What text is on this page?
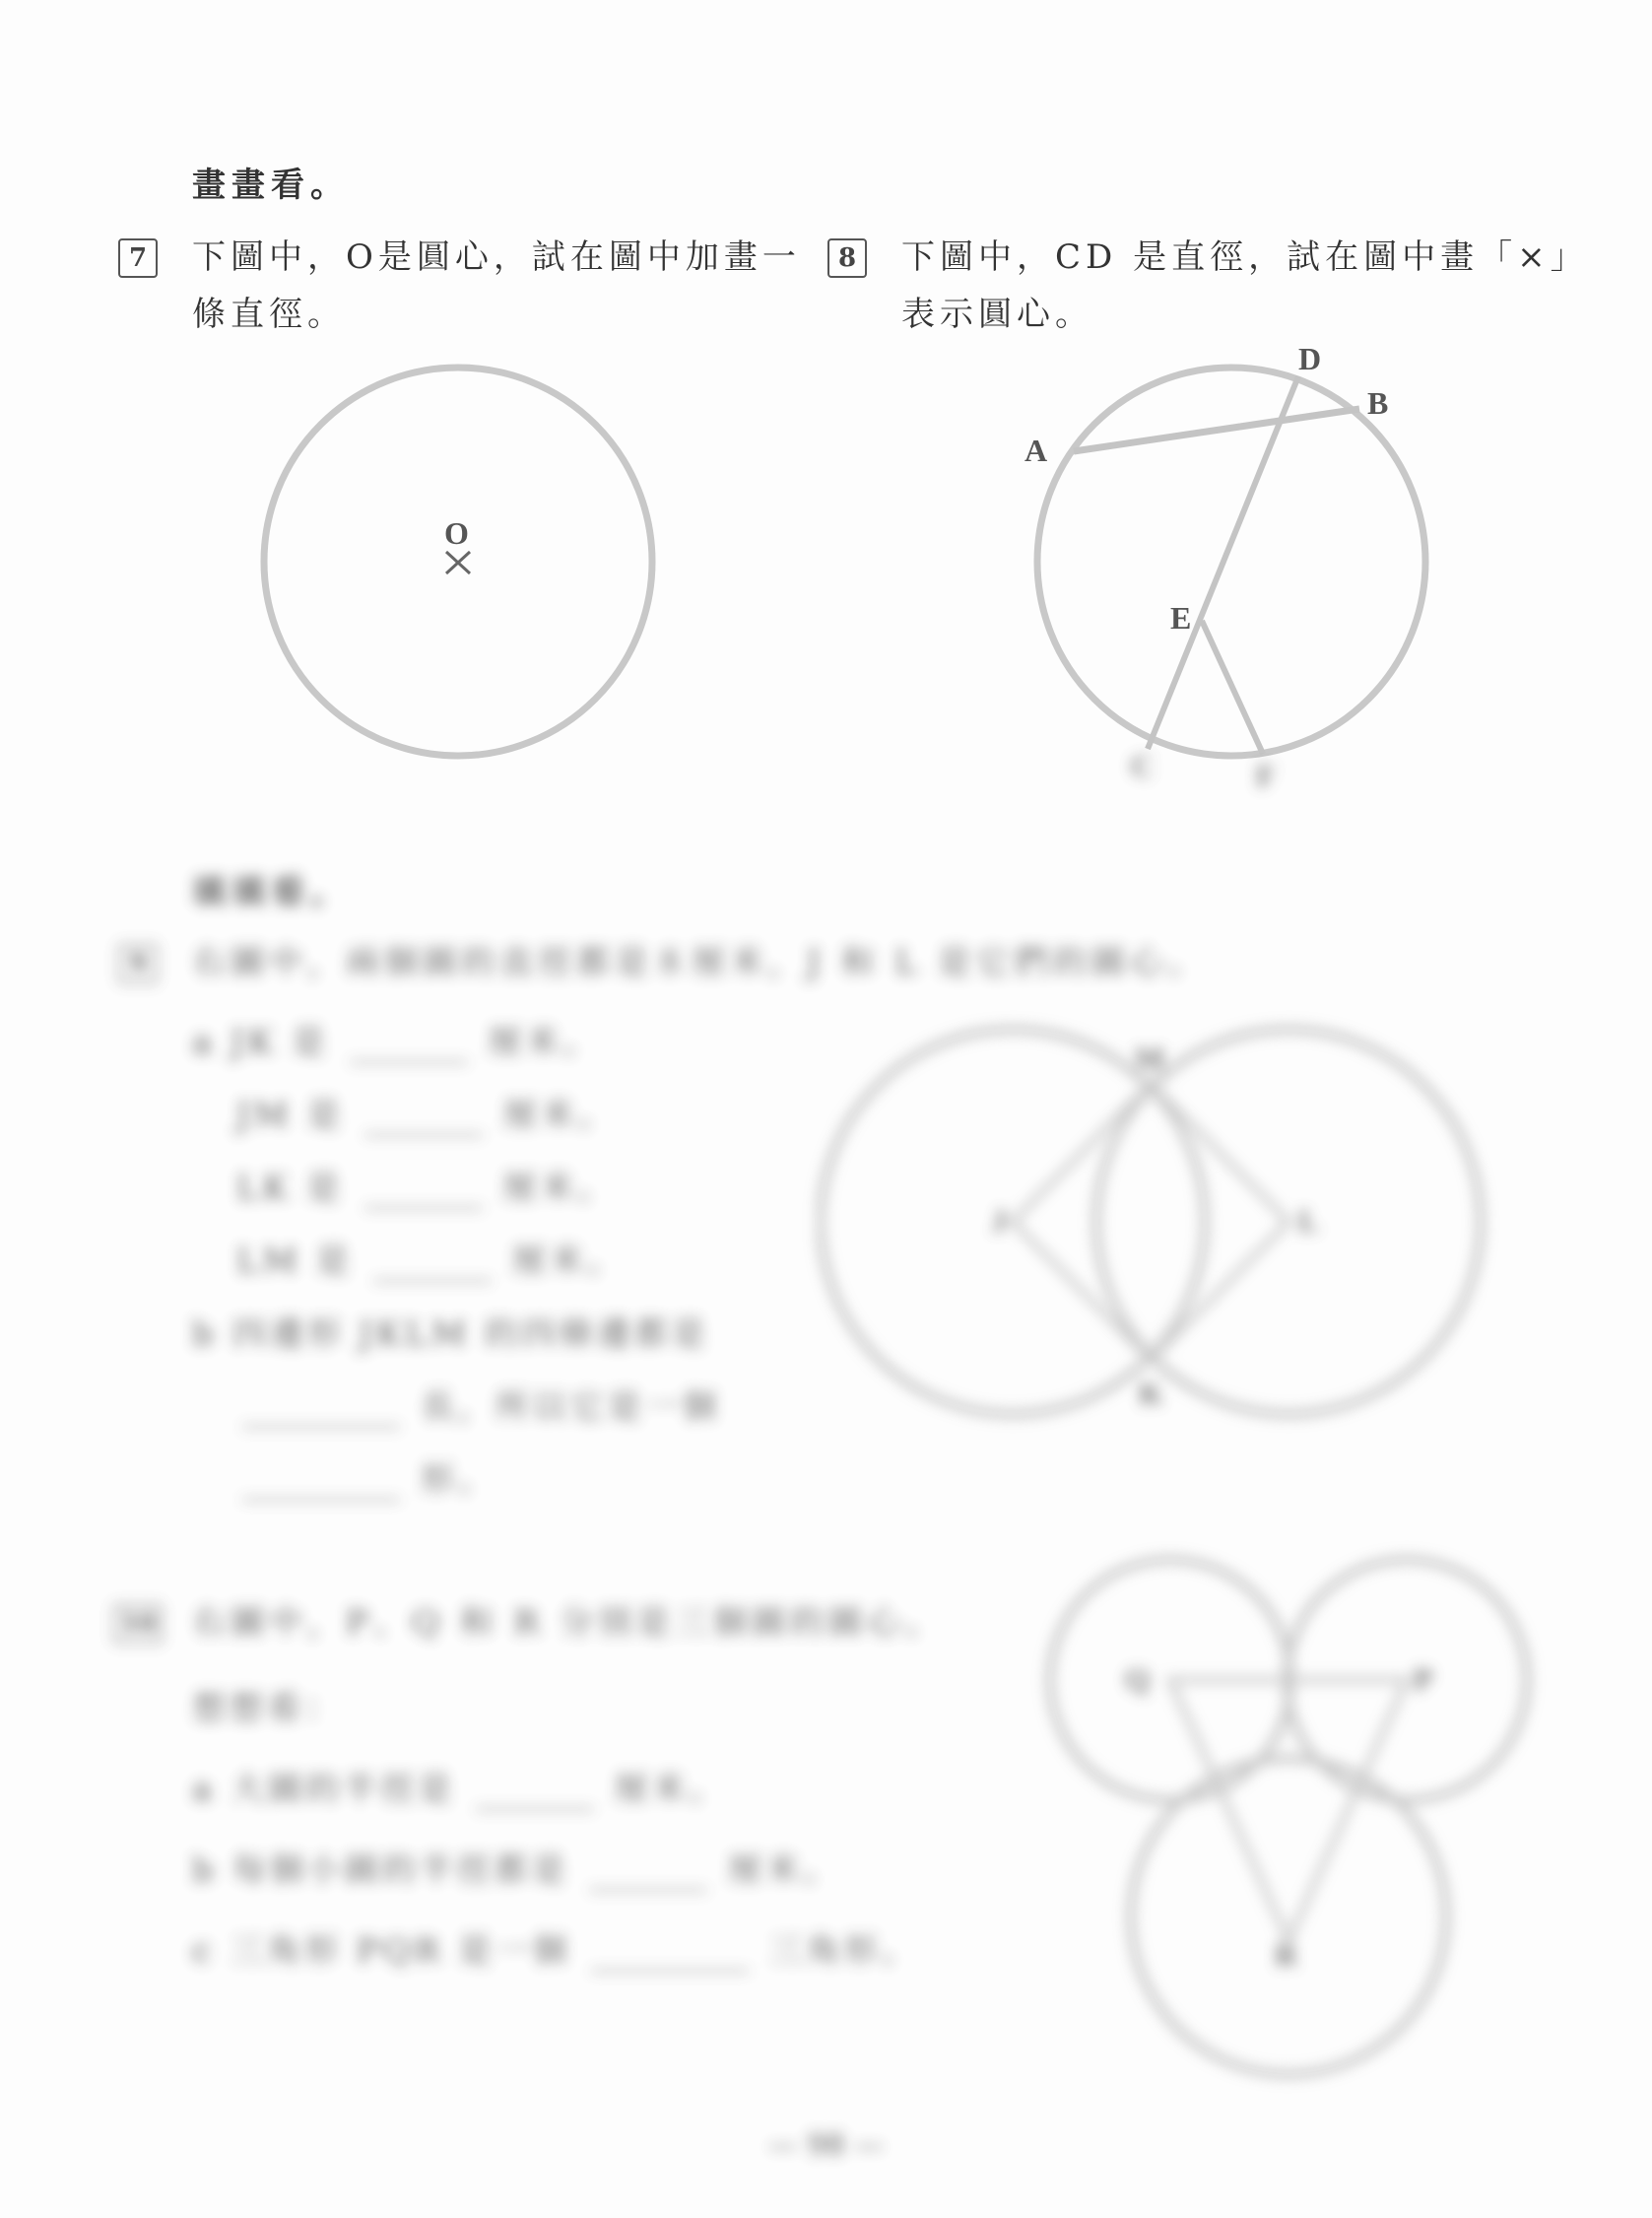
畫畫看。
7	下圖中，O是圓心，試在圖中加畫一
條直徑。
O
8	下圖中，CD 是直徑，試在圖中畫「×」
表示圓心。
D
B
A
E
C	F
填填看。
9	右圖中，兩個圓的直徑都是８厘米，J 和 L 是它們的圓心。
a JK 是	厘米。
JM 是	厘米。
LK 是	厘米。
LM 是	厘米。
b 四邊形 JKLM 的四條邊都是
長，所以它是一個
形。
M
J	L
K
10 右圖中，P、Q 和 R 分別是三個圓的圓心。
想想看：
a 大圓的半徑是	厘米。
b 每個小圓的半徑都是	厘米。
c 三角形 PQR 是一個	三角形。
Q	P
R
— 98 —
